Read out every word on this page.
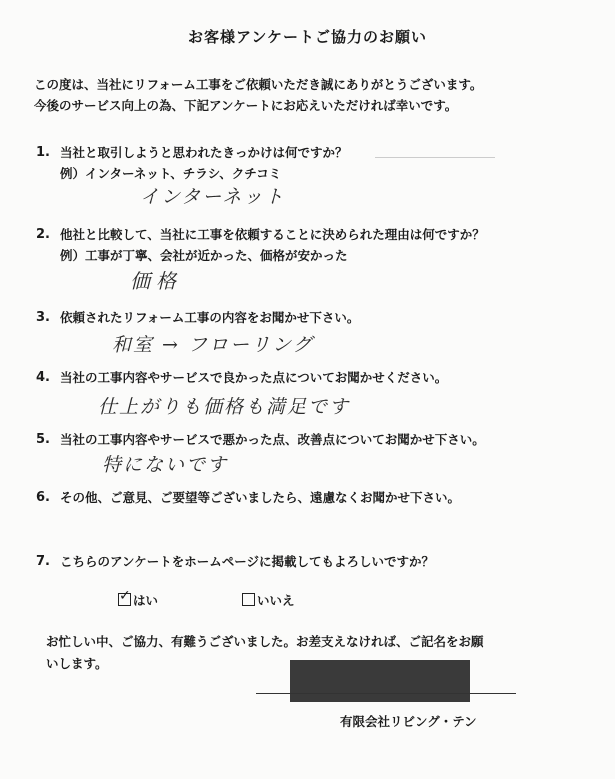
お客様アンケートご協力のお願い
この度は、当社にリフォーム工事をご依頼いただき誠にありがとうございます。
今後のサービス向上の為、下記アンケートにお応えいただければ幸いです。
1. 当社と取引しようと思われたきっかけは何ですか？
例）インターネット、チラシ、クチコミ
インターネット
2. 他社と比較して、当社に工事を依頼することに決められた理由は何ですか？
例）工事が丁寧、会社が近かった、価格が安かった
価格
3. 依頼されたリフォーム工事の内容をお聞かせ下さい。
和室 → フローリング
4. 当社の工事内容やサービスで良かった点についてお聞かせください。
仕上がりも価格も満足です
5. 当社の工事内容やサービスで悪かった点、改善点についてお聞かせ下さい。
特にないです
6. その他、ご意見、ご要望等ございましたら、遠慮なくお聞かせ下さい。
7. こちらのアンケートをホームページに掲載してもよろしいですか？
✓ はい	いいえ
お忙しい中、ご協力、有難うございました。お差支えなければ、ご記名をお願
いします。
有限会社リビング・テン
